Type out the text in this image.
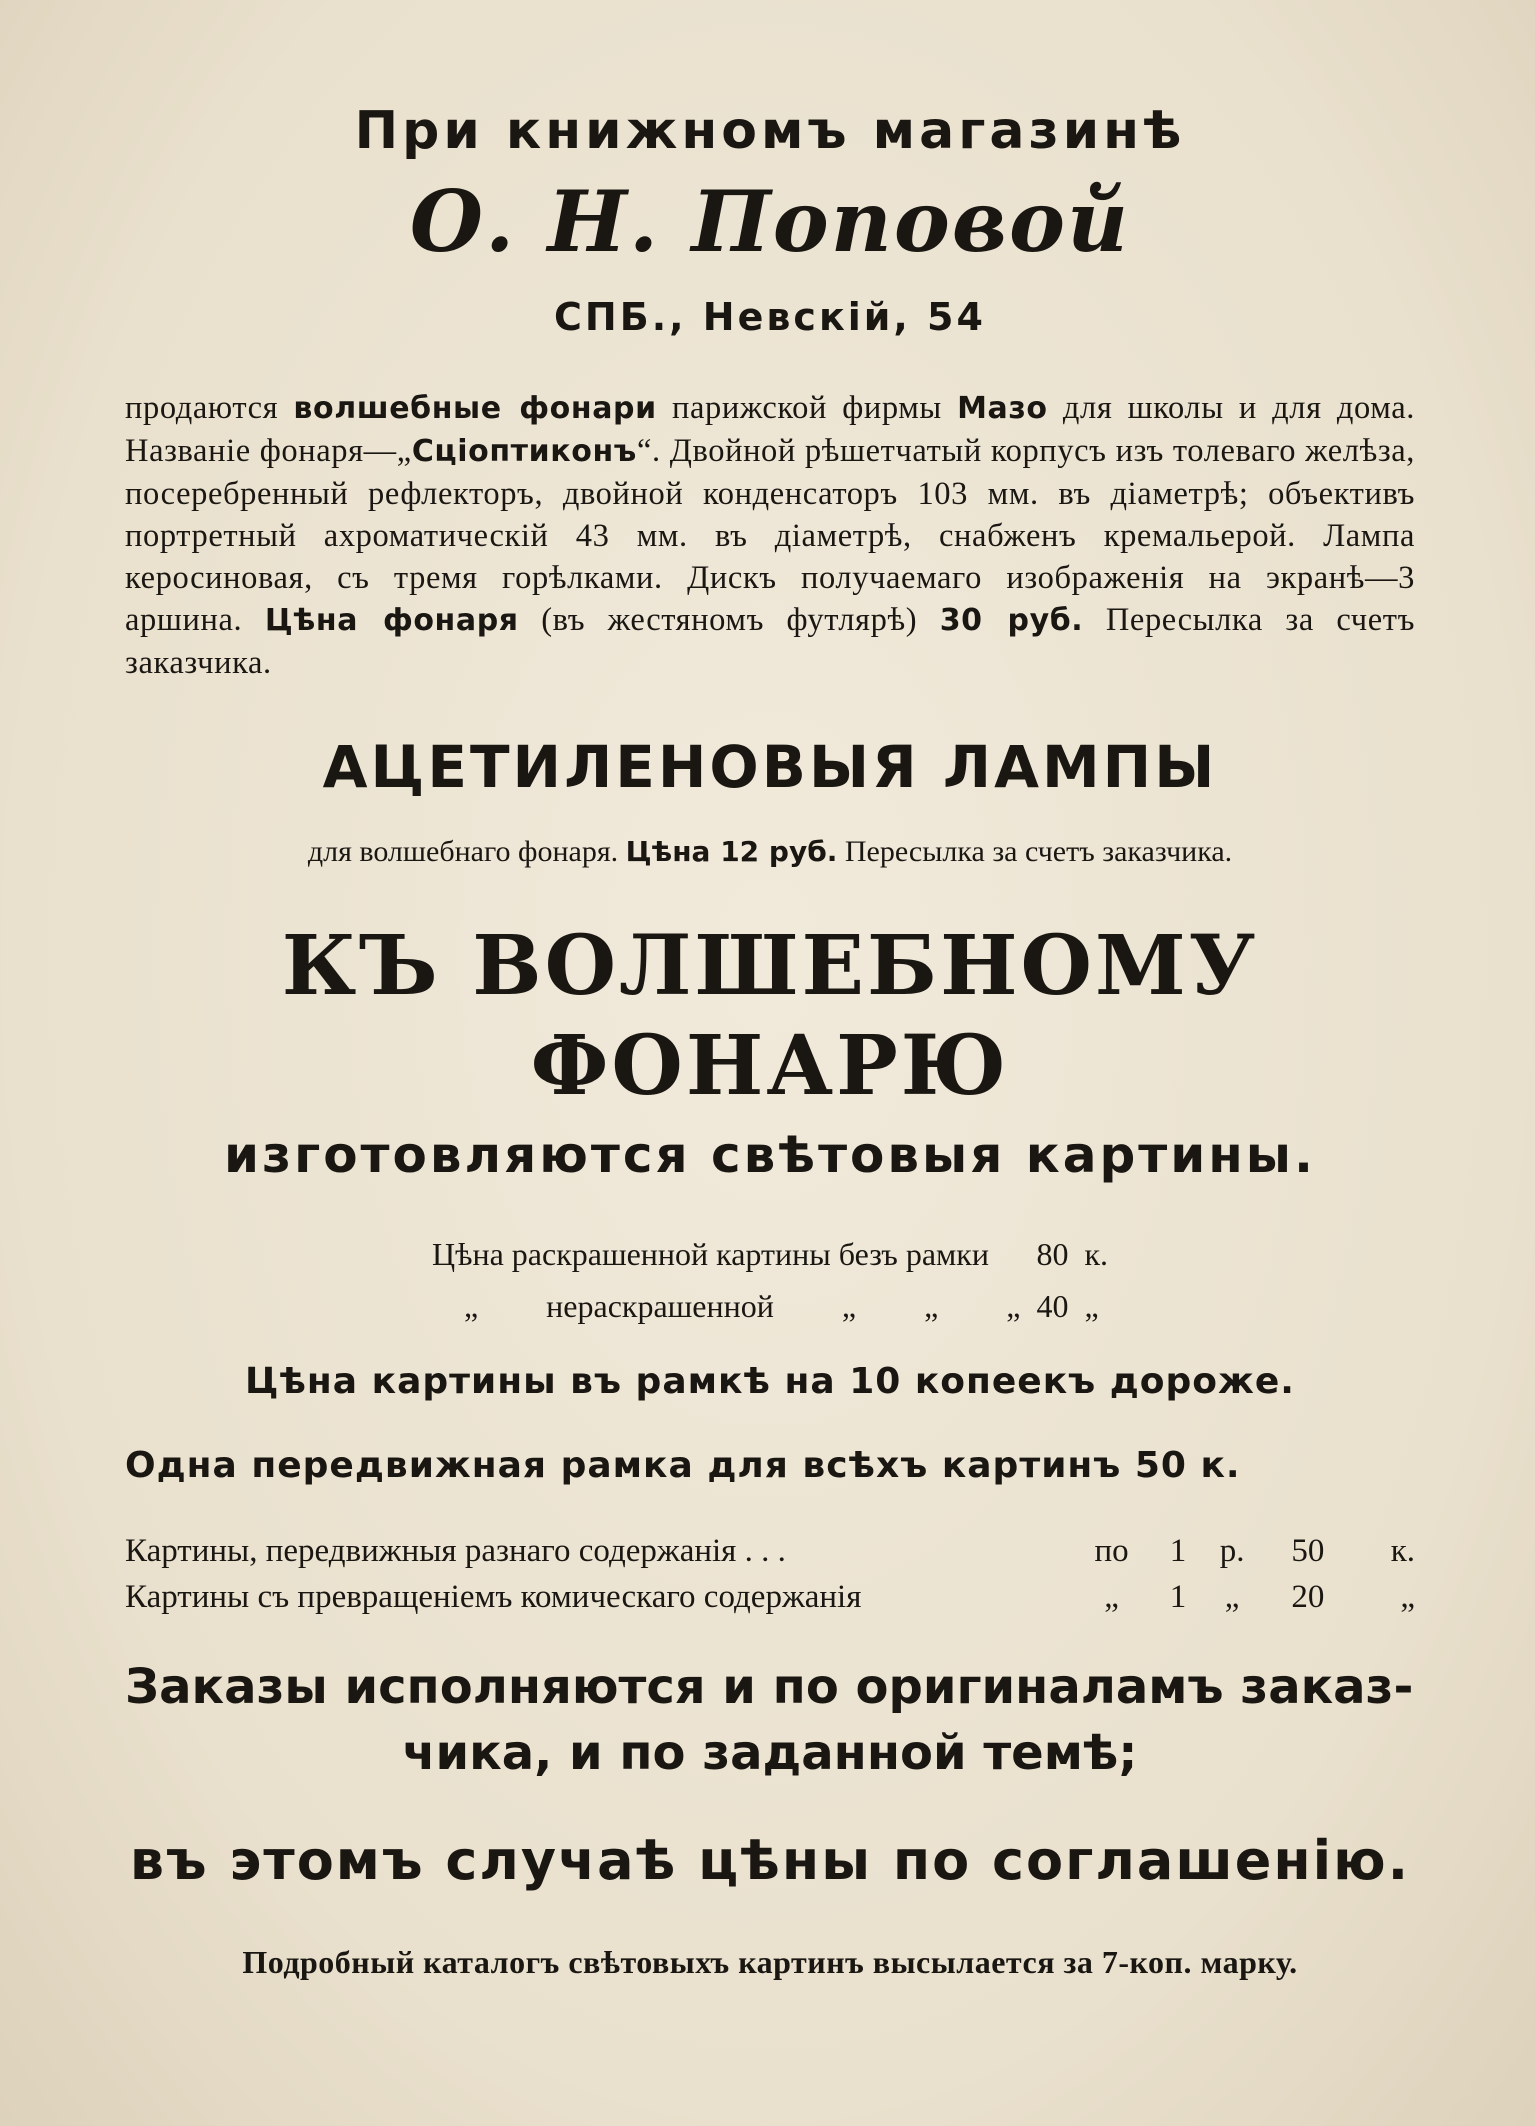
При книжномъ магазинѣ

О. Н. Поповой

СПБ., Невскій, 54

продаются волшебные фонари парижской фирмы Мазо для школы и для дома. Названіе фонаря—„Сціоптиконъ“. Двойной рѣшетчатый корпусъ изъ толеваго желѣза, посеребренный рефлекторъ, двойной конденсаторъ 103 мм. въ діаметрѣ; объективъ портретный ахроматическій 43 мм. въ діаметрѣ, снабженъ кремальерой. Лампа керосиновая, съ тремя горѣлками. Дискъ получаемаго изображенія на экранѣ—3 аршина. Цѣна фонаря (въ жестяномъ футлярѣ) 30 руб. Пересылка за счетъ заказчика.

АЦЕТИЛЕНОВЫЯ ЛАМПЫ

для волшебнаго фонаря. Цѣна 12 руб. Пересылка за счетъ заказчика.

КЪ ВОЛШЕБНОМУ ФОНАРЮ

изготовляются свѣтовыя картины.

Цѣна раскрашенной картины безъ рамки	80	к.
„ нераскрашенной „ „ „	40	„

Цѣна картины въ рамкѣ на 10 копеекъ дороже.

Одна передвижная рамка для всѣхъ картинъ 50 к.

Картины, передвижныя разнаго содержанія . . .	по	1	р.	50	к.
Картины съ превращеніемъ комическаго содержанія	„	1	„	20	„

Заказы исполняются и по оригиналамъ заказ-

чика, и по заданной темѣ;

въ этомъ случаѣ цѣны по соглашенію.

Подробный каталогъ свѣтовыхъ картинъ высылается за 7-коп. марку.
